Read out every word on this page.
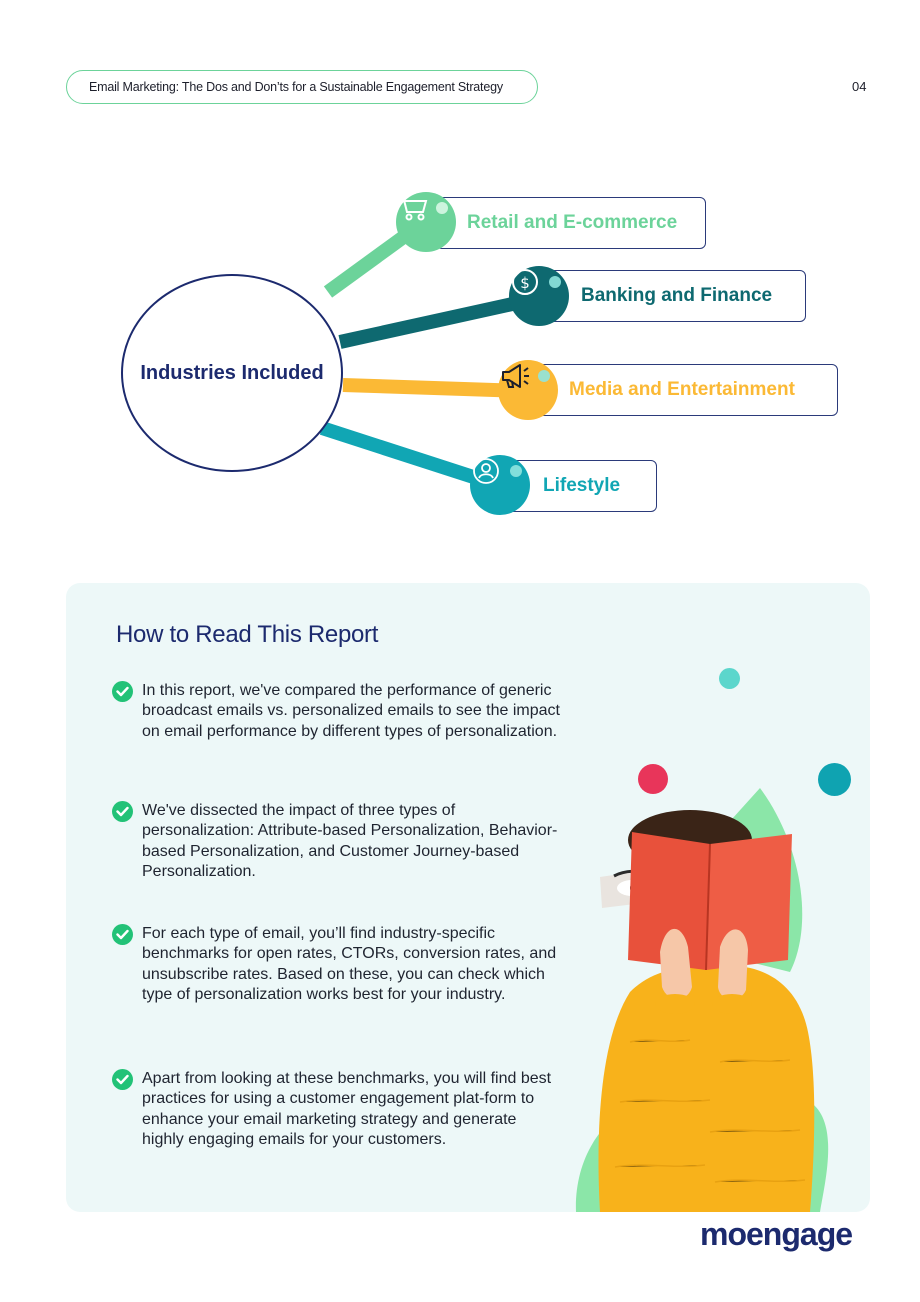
Email Marketing: The Dos and Don’ts for a Sustainable Engagement Strategy	04
Industries Included
Retail and E-commerce
Banking and Finance
$
Media and Entertainment
Lifestyle
How to Read This Report

In this report, we've compared the performance of generic broadcast emails vs. personalized emails to see the impact on email performance by different types of personalization.

We've dissected the impact of three types of personalization: Attribute-based Personalization, Behavior-based Personalization, and Customer Journey-based Personalization.

For each type of email, you’ll find industry-specific benchmarks for open rates, CTORs, conversion rates, and unsubscribe rates. Based on these, you can check which type of personalization works best for your industry.

Apart from looking at these benchmarks, you will find best practices for using a customer engagement plat-form to enhance your email marketing strategy and generate highly engaging emails for your customers.

moengage
